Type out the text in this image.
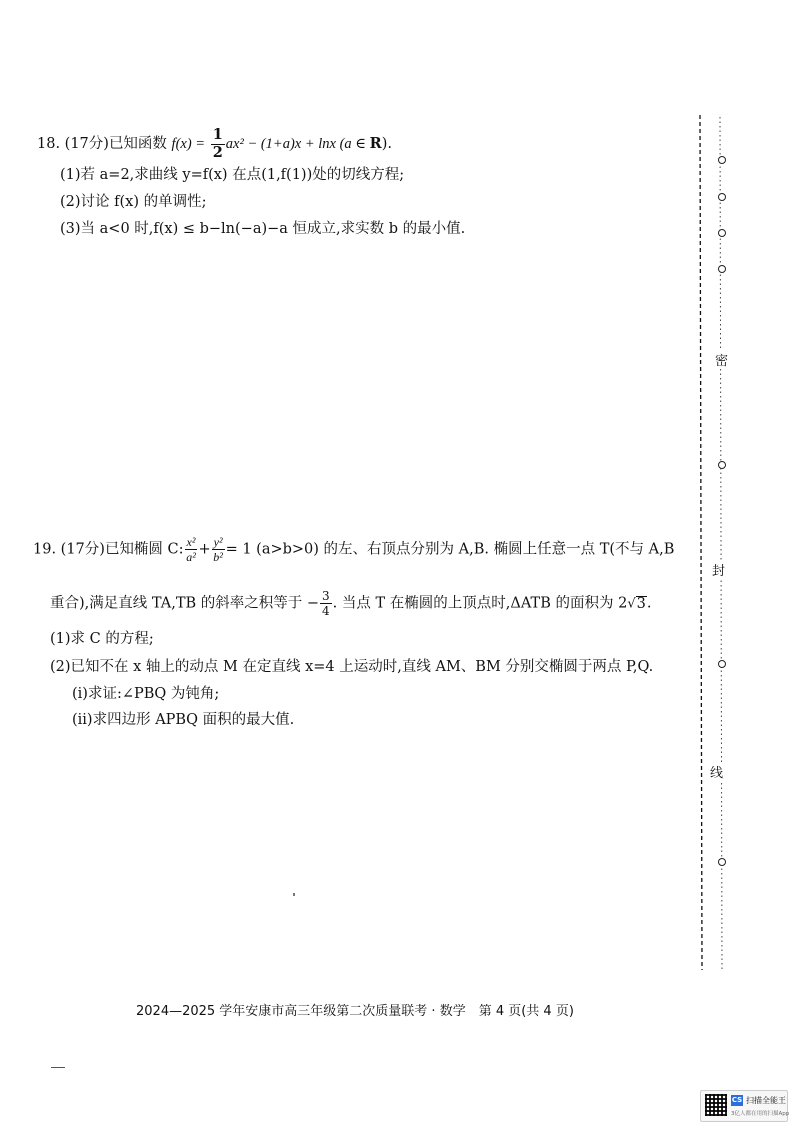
18. (17分)已知函数 $f(x) = \frac{1}{2} ax^2 - (1+a)x + \ln x$ (a ∈ R).
(1)若 a=2,求曲线 y=f(x) 在点(1,f(1))处的切线方程;
(2)讨论 f(x) 的单调性;
(3)当 a<0 时,f(x) ≤ b−ln(−a)−a 恒成立,求实数 b 的最小值.
19. (17分)已知椭圆 C: $\frac{\text{x²}}{\text{a²}} + \frac{\text{y²}}{\text{b²}} = 1$ (a>b>0) 的左、右顶点分别为 A,B. 椭圆上任意一点 T(不与 A,B
重合),满足直线 TA,TB 的斜率之积等于 − $\frac{3}{4}$ . 当点 T 在椭圆的上顶点时,ΔATB 的面积为 2√3.
(1)求 C 的方程;
(2)已知不在 x 轴上的动点 M 在定直线 x=4 上运动时,直线 AM、BM 分别交椭圆于两点 P,Q.
(ⅰ)求证:∠PBQ 为钝角;
(ⅱ)求四边形 APBQ 面积的最大值.
密
封
线
2024—2025 学年安康市高三年级第二次质量联考 · 数学　第 4 页(共 4 页)
CS 扫描全能王
3亿人都在用的扫描App
